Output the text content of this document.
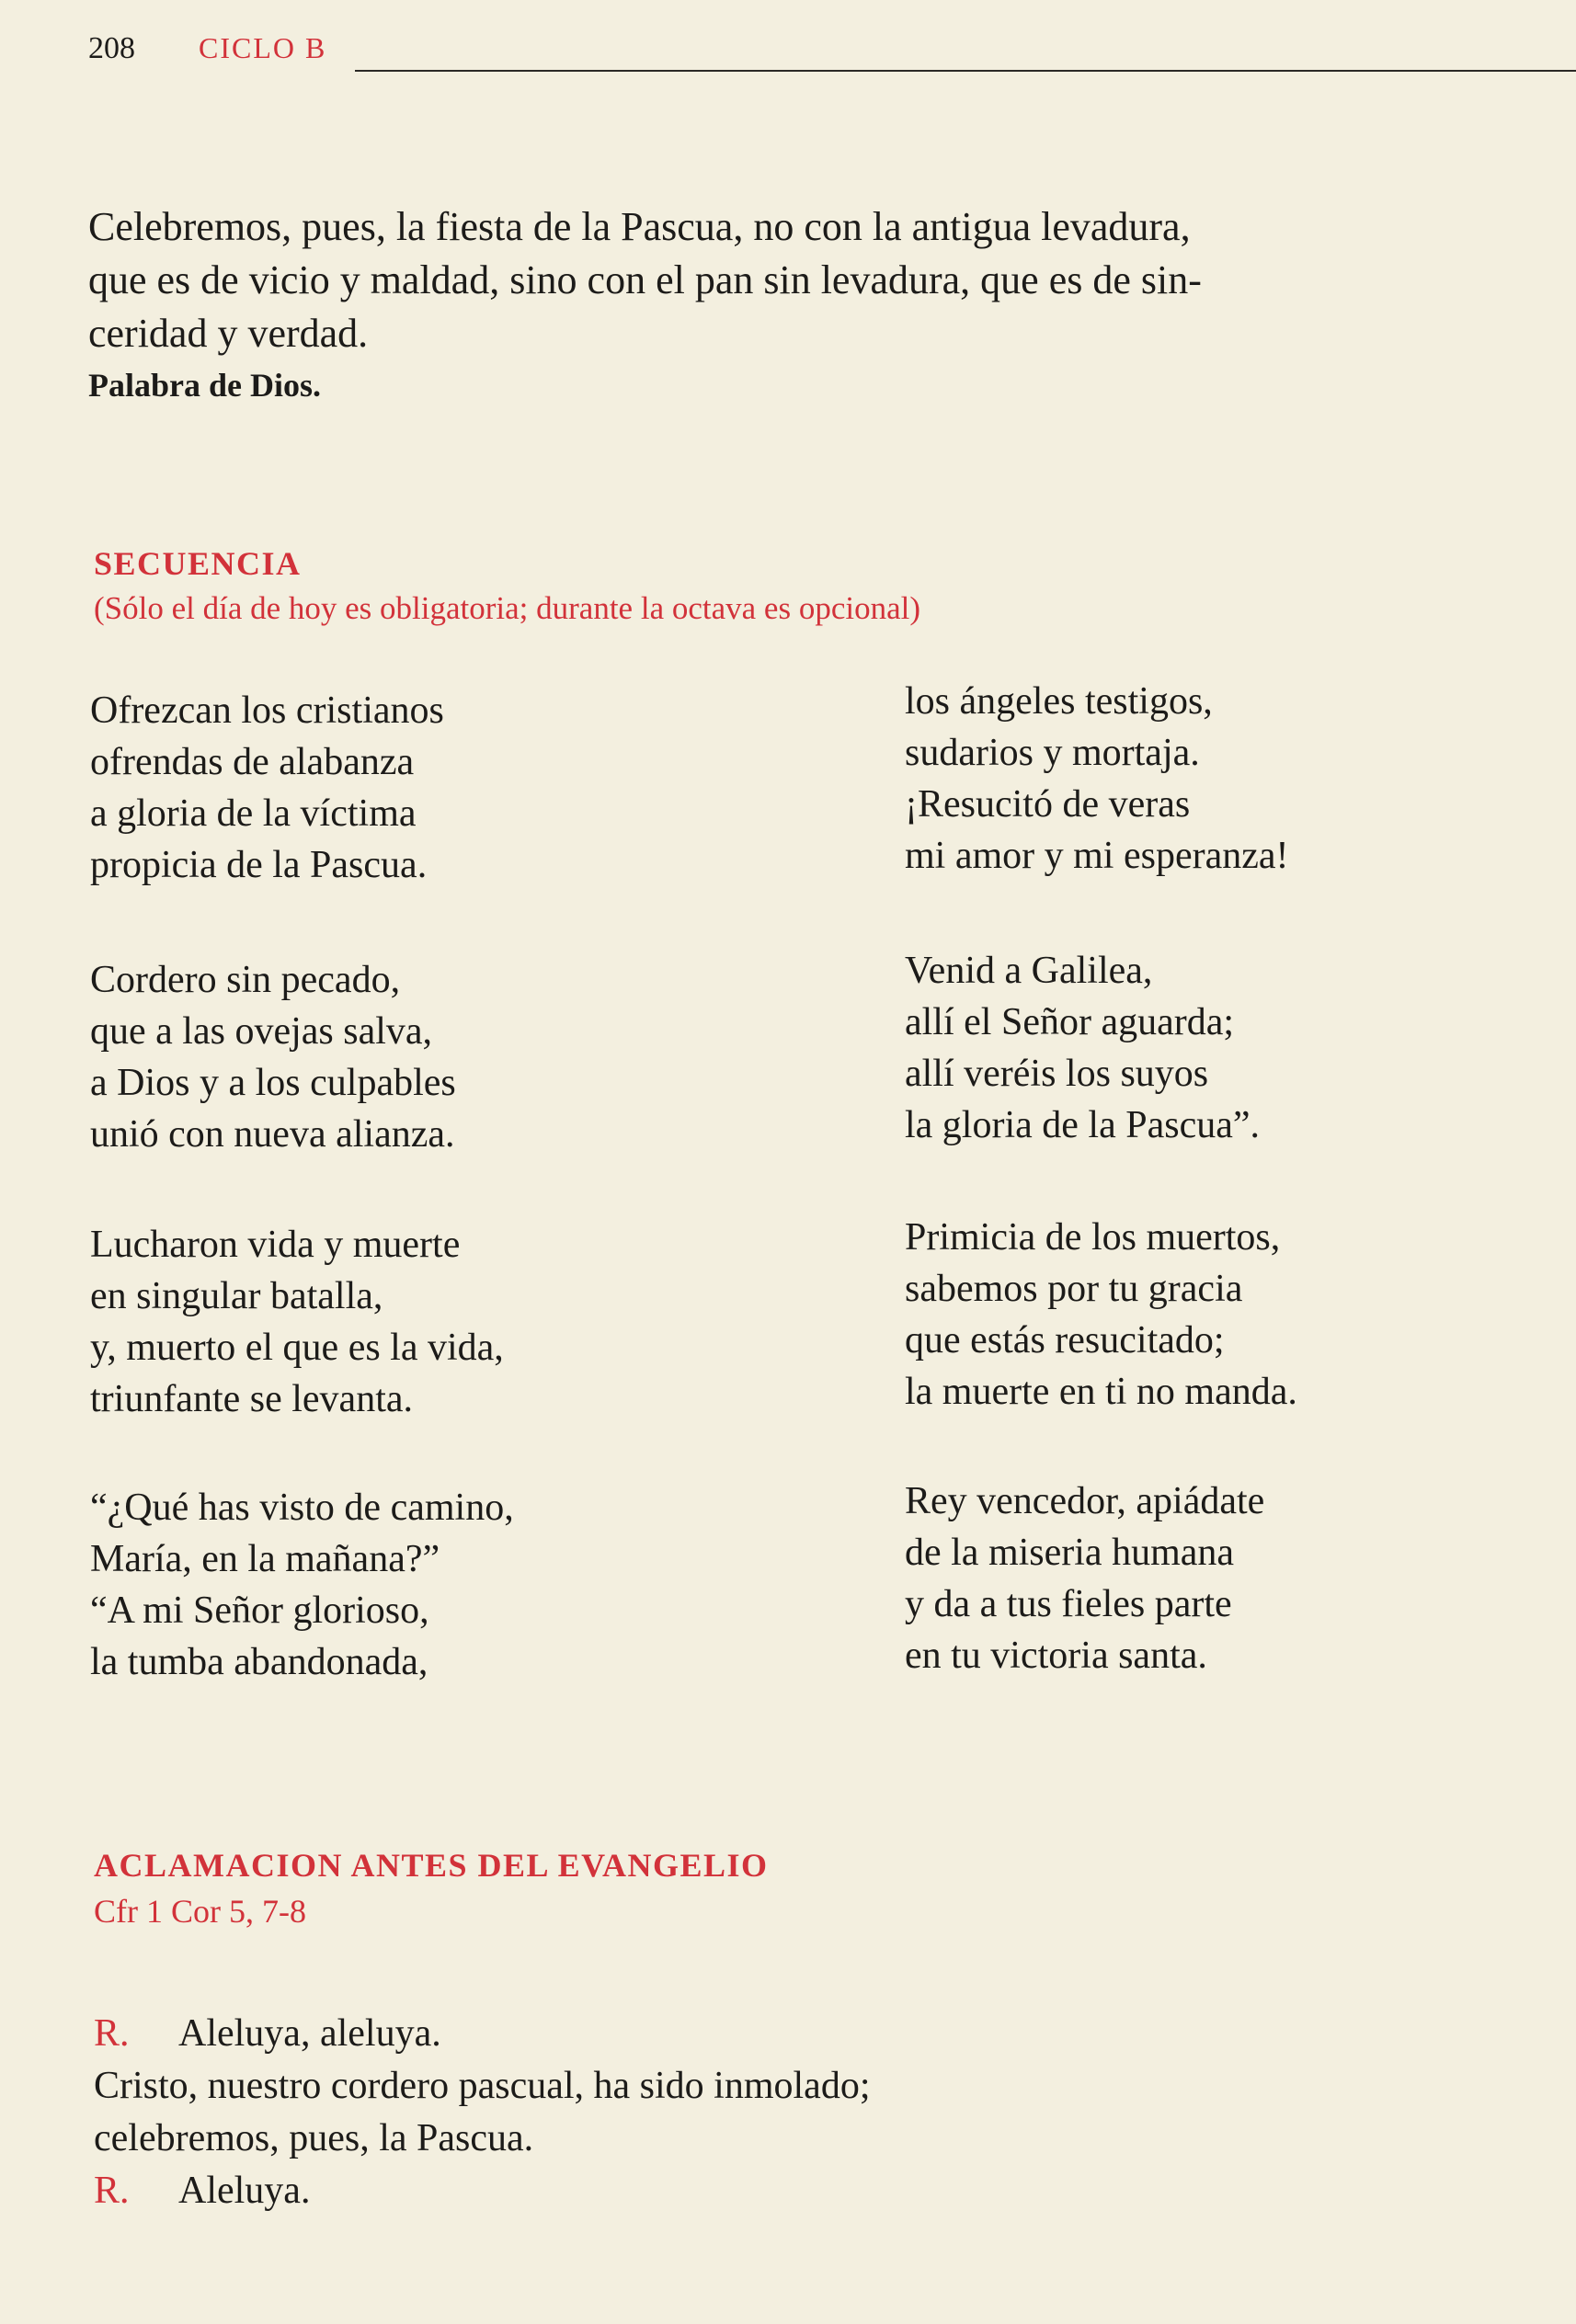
208 CICLO B

Celebremos, pues, la fiesta de la Pascua, no con la antigua levadura,

que es de vicio y maldad, sino con el pan sin levadura, que es de sin-

ceridad y verdad.

Palabra de Dios.
SECUENCIA
(Sólo el día de hoy es obligatoria; durante la octava es opcional)
Ofrezcan los cristianos
ofrendas de alabanza
a gloria de la víctima
propicia de la Pascua.
Cordero sin pecado,
que a las ovejas salva,
a Dios y a los culpables
unió con nueva alianza.
Lucharon vida y muerte
en singular batalla,
y, muerto el que es la vida,
triunfante se levanta.
“¿Qué has visto de camino,
María, en la mañana?”
“A mi Señor glorioso,
la tumba abandonada,
los ángeles testigos,
sudarios y mortaja.
¡Resucitó de veras
mi amor y mi esperanza!
Venid a Galilea,
allí el Señor aguarda;
allí veréis los suyos
la gloria de la Pascua”.
Primicia de los muertos,
sabemos por tu gracia
que estás resucitado;
la muerte en ti no manda.
Rey vencedor, apiádate
de la miseria humana
y da a tus fieles parte
en tu victoria santa.
ACLAMACION ANTES DEL EVANGELIO
Cfr 1 Cor 5, 7-8
R. Aleluya, aleluya.
Cristo, nuestro cordero pascual, ha sido inmolado;
celebremos, pues, la Pascua.
R. Aleluya.
